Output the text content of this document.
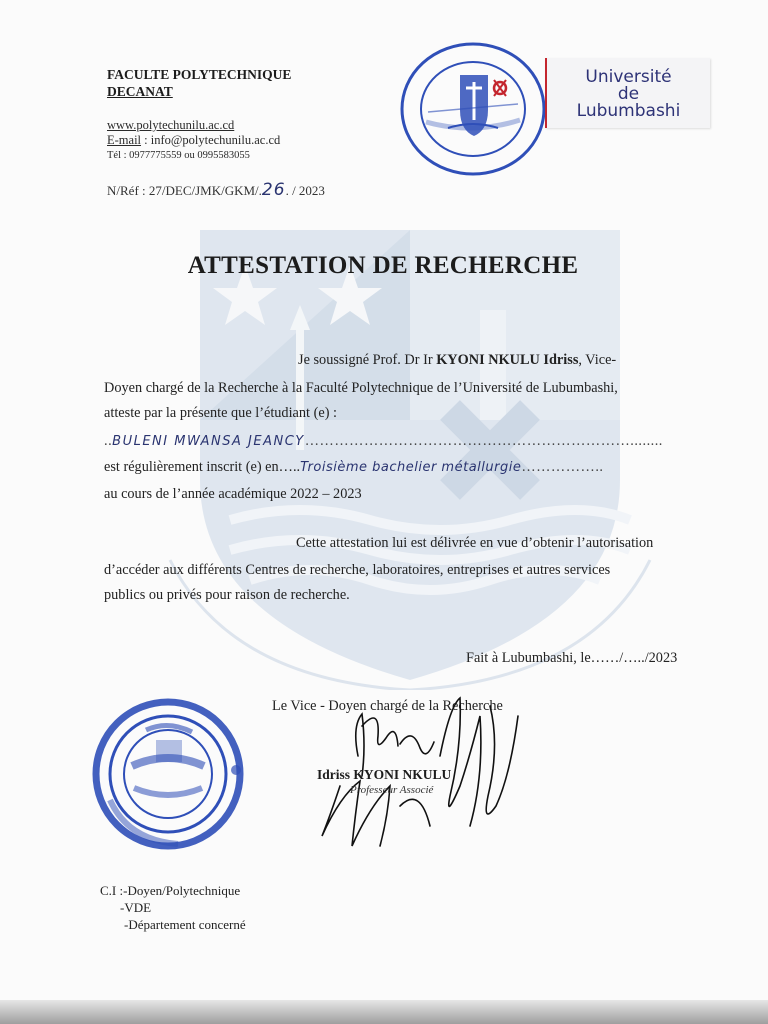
FACULTE POLYTECHNIQUE
DECANAT
www.polytechunilu.ac.cd
E-mail : info@polytechunilu.ac.cd
Tél : 0977775559 ou 0995583055
N/Réf : 27/DEC/JMK/GKM/.26. / 2023
Université
de
Lubumbashi
ATTESTATION DE RECHERCHE
Je soussigné Prof. Dr Ir KYONI NKULU Idriss, Vice-
Doyen chargé de la Recherche à la Faculté Polytechnique de l’Université de Lubumbashi,
atteste par la présente que l’étudiant (e) :
..BULENI MWANSA JEANCY…………………………………………………………........
est régulièrement inscrit (e) en…..Troisième bachelier métallurgie……………..
au cours de l’année académique 2022 – 2023
Cette attestation lui est délivrée en vue d’obtenir l’autorisation
d’accéder aux différents Centres de recherche, laboratoires, entreprises et autres services
publics ou privés pour raison de recherche.
Fait à Lubumbashi, le……/…../2023
Le Vice - Doyen chargé de la Recherche
Idriss KYONI NKULU
Professeur Associé
C.I :-Doyen/Polytechnique
-VDE
-Département concerné
